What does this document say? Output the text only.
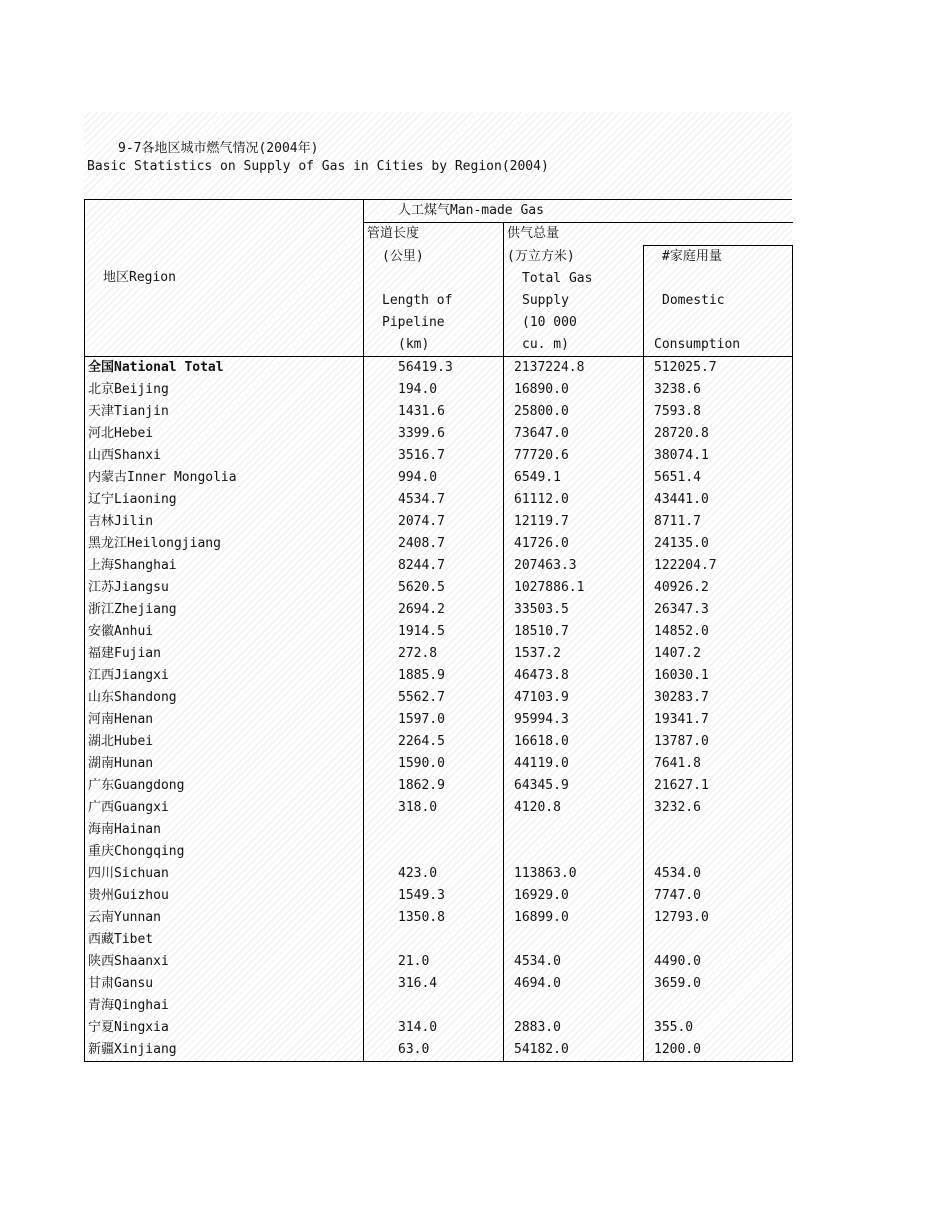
9-7各地区城市燃气情况(2004年)
Basic Statistics on Supply of Gas in Cities by Region(2004)
地区Region	人工煤气Man-made Gas		
	管道长度	供气总量	
	(公里)	(万立方米)	#家庭用量
		Total Gas	
	Length of	Supply	Domestic
	Pipeline	(10 000	
	(km)	cu. m)	Consumption
全国National Total	56419.3	2137224.8	512025.7
北京Beijing	194.0	16890.0	3238.6
天津Tianjin	1431.6	25800.0	7593.8
河北Hebei	3399.6	73647.0	28720.8
山西Shanxi	3516.7	77720.6	38074.1
内蒙古Inner Mongolia	994.0	6549.1	5651.4
辽宁Liaoning	4534.7	61112.0	43441.0
吉林Jilin	2074.7	12119.7	8711.7
黑龙江Heilongjiang	2408.7	41726.0	24135.0
上海Shanghai	8244.7	207463.3	122204.7
江苏Jiangsu	5620.5	1027886.1	40926.2
浙江Zhejiang	2694.2	33503.5	26347.3
安徽Anhui	1914.5	18510.7	14852.0
福建Fujian	272.8	1537.2	1407.2
江西Jiangxi	1885.9	46473.8	16030.1
山东Shandong	5562.7	47103.9	30283.7
河南Henan	1597.0	95994.3	19341.7
湖北Hubei	2264.5	16618.0	13787.0
湖南Hunan	1590.0	44119.0	7641.8
广东Guangdong	1862.9	64345.9	21627.1
广西Guangxi	318.0	4120.8	3232.6
海南Hainan			
重庆Chongqing			
四川Sichuan	423.0	113863.0	4534.0
贵州Guizhou	1549.3	16929.0	7747.0
云南Yunnan	1350.8	16899.0	12793.0
西藏Tibet			
陕西Shaanxi	21.0	4534.0	4490.0
甘肃Gansu	316.4	4694.0	3659.0
青海Qinghai			
宁夏Ningxia	314.0	2883.0	355.0
新疆Xinjiang	63.0	54182.0	1200.0
